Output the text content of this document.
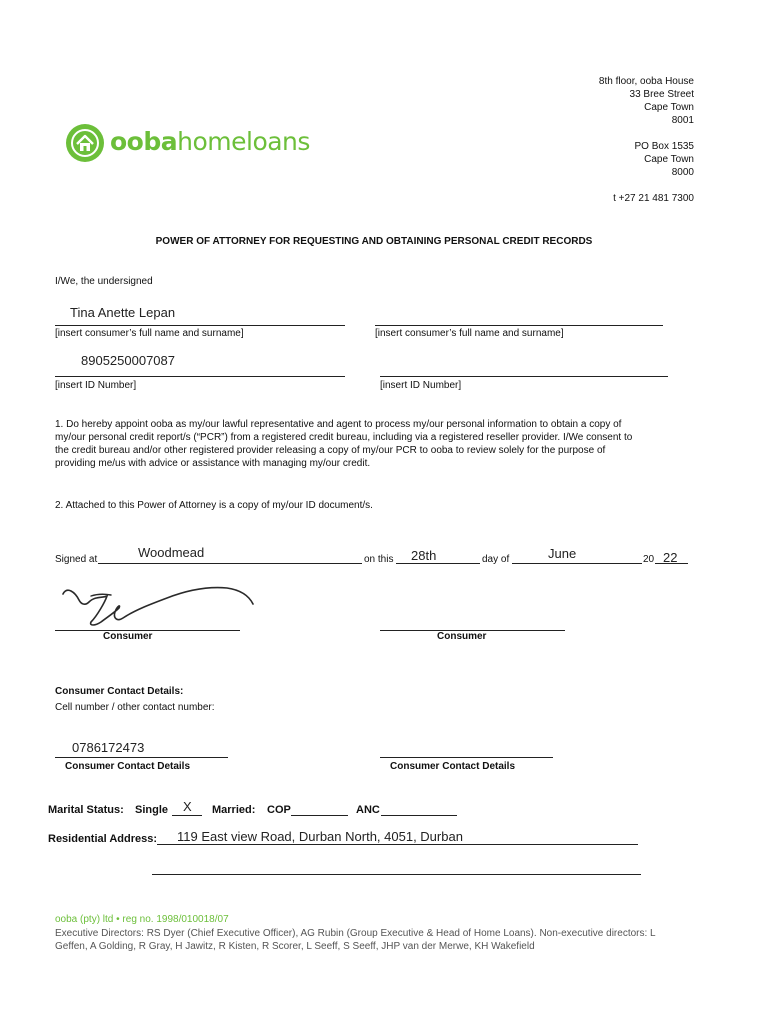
8th floor, ooba House
33 Bree Street
Cape Town
8001
PO Box 1535
Cape Town
8000
t +27 21 481 7300
oobahomeloans
POWER OF ATTORNEY FOR REQUESTING AND OBTAINING PERSONAL CREDIT RECORDS
I/We, the undersigned
Tina Anette Lepan
[insert consumer’s full name and surname]	[insert consumer’s full name and surname]
8905250007087
[insert ID Number]	[insert ID Number]
1. Do hereby appoint ooba as my/our lawful representative and agent to process my/our personal information to obtain a copy of
my/our personal credit report/s (“PCR”) from a registered credit bureau, including via a registered reseller provider. I/We consent to
the credit bureau and/or other registered provider releasing a copy of my/our PCR to ooba to review solely for the purpose of
providing me/us with advice or assistance with managing my/our credit.
2. Attached to this Power of Attorney is a copy of my/our ID document/s.
Signed at	Woodmead	on this 28th	day of	June	20 22
Consumer	Consumer
Consumer Contact Details:
Cell number / other contact number:
0786172473
Consumer Contact Details	Consumer Contact Details
Marital Status: Single X Married: COP	ANC
Residential Address: 119 East view Road, Durban North, 4051, Durban
ooba (pty) ltd • reg no. 1998/010018/07
Executive Directors: RS Dyer (Chief Executive Officer), AG Rubin (Group Executive & Head of Home Loans). Non-executive directors: L
Geffen, A Golding, R Gray, H Jawitz, R Kisten, R Scorer, L Seeff, S Seeff, JHP van der Merwe, KH Wakefield
